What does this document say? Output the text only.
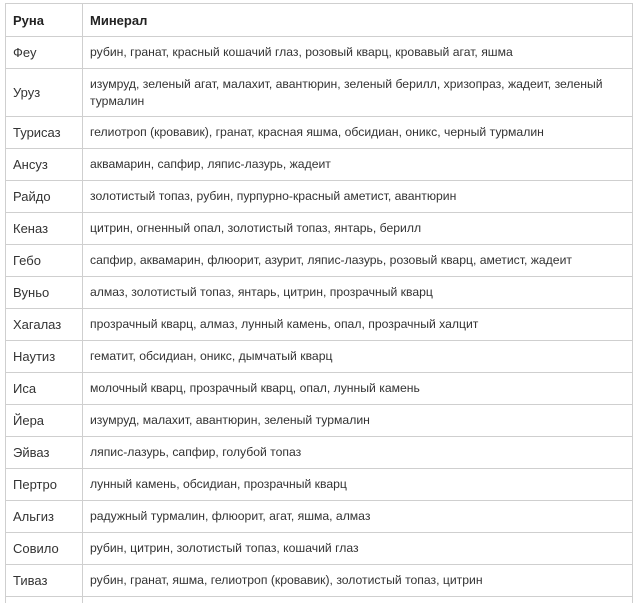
Руна	Минерал
Феу	рубин, гранат, красный кошачий глаз, розовый кварц, кровавый агат, яшма
Уруз	изумруд, зеленый агат, малахит, авантюрин, зеленый берилл, хризопраз, жадеит, зеленый турмалин
Турисаз	гелиотроп (кровавик), гранат, красная яшма, обсидиан, оникс, черный турмалин
Ансуз	аквамарин, сапфир, ляпис-лазурь, жадеит
Райдо	золотистый топаз, рубин, пурпурно-красный аметист, авантюрин
Кеназ	цитрин, огненный опал, золотистый топаз, янтарь, берилл
Гебо	сапфир, аквамарин, флюорит, азурит, ляпис-лазурь, розовый кварц, аметист, жадеит
Вуньо	алмаз, золотистый топаз, янтарь, цитрин, прозрачный кварц
Хагалаз	прозрачный кварц, алмаз, лунный камень, опал, прозрачный халцит
Наутиз	гематит, обсидиан, оникс, дымчатый кварц
Иса	молочный кварц, прозрачный кварц, опал, лунный камень
Йера	изумруд, малахит, авантюрин, зеленый турмалин
Эйваз	ляпис-лазурь, сапфир, голубой топаз
Пертро	лунный камень, обсидиан, прозрачный кварц
Альгиз	радужный турмалин, флюорит, агат, яшма, алмаз
Совило	рубин, цитрин, золотистый топаз, кошачий глаз
Тиваз	рубин, гранат, яшма, гелиотроп (кровавик), золотистый топаз, цитрин
